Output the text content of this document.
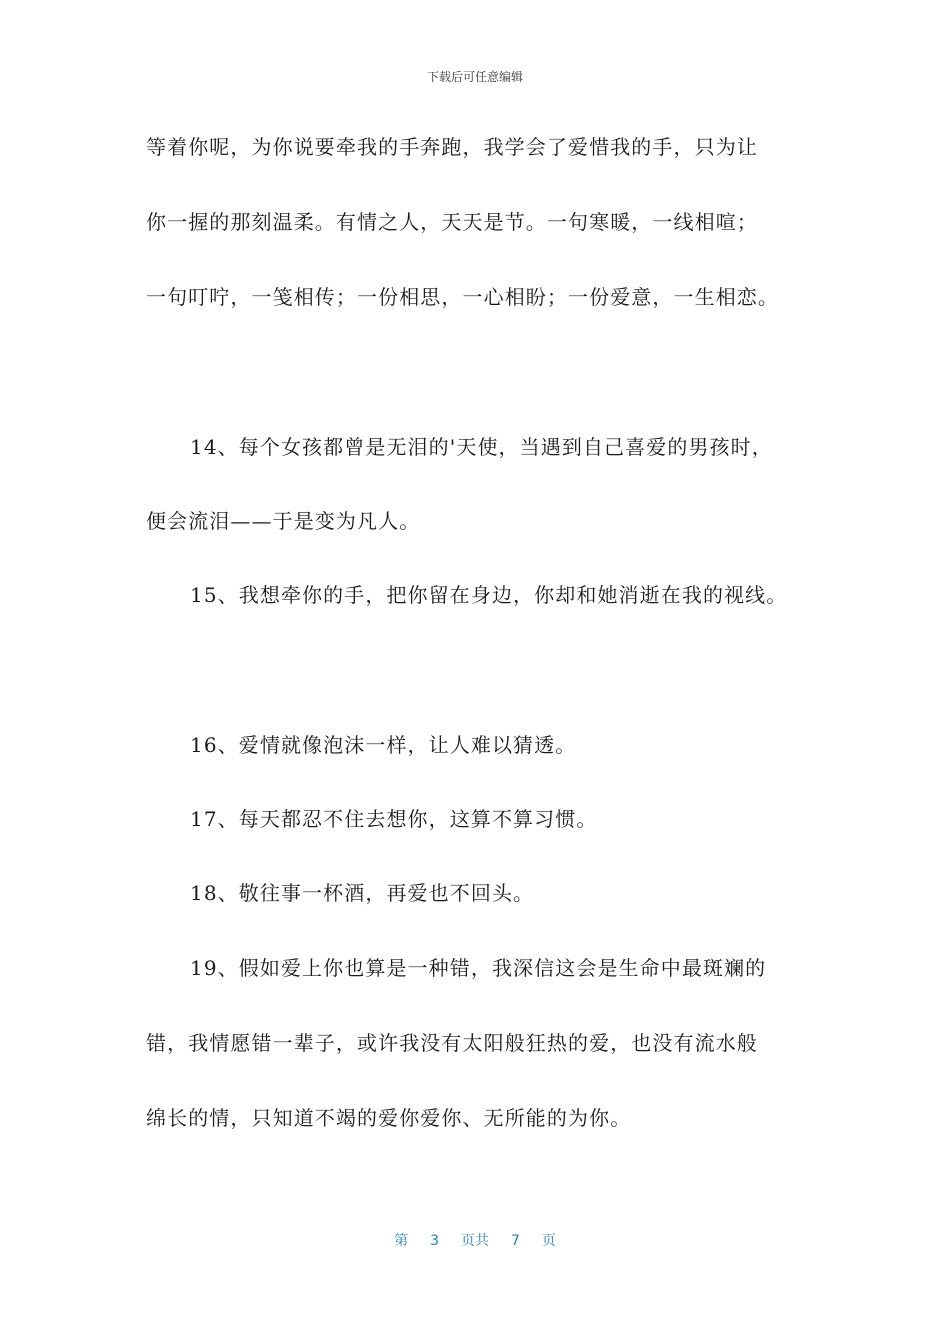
下载后可任意编辑
等着你呢，为你说要牵我的手奔跑，我学会了爱惜我的手，只为让
你一握的那刻温柔。有情之人，天天是节。一句寒暖，一线相喧；
一句叮咛，一笺相传；一份相思，一心相盼；一份爱意，一生相恋。
14、每个女孩都曾是无泪的'天使，当遇到自己喜爱的男孩时，
便会流泪——于是变为凡人。
15、我想牵你的手，把你留在身边，你却和她消逝在我的视线。
16、爱情就像泡沫一样，让人难以猜透。
17、每天都忍不住去想你，这算不算习惯。
18、敬往事一杯酒，再爱也不回头。
19、假如爱上你也算是一种错，我深信这会是生命中最斑斓的
错，我情愿错一辈子，或许我没有太阳般狂热的爱，也没有流水般
绵长的情，只知道不竭的爱你爱你、无所能的为你。
第 3 页共 7 页
